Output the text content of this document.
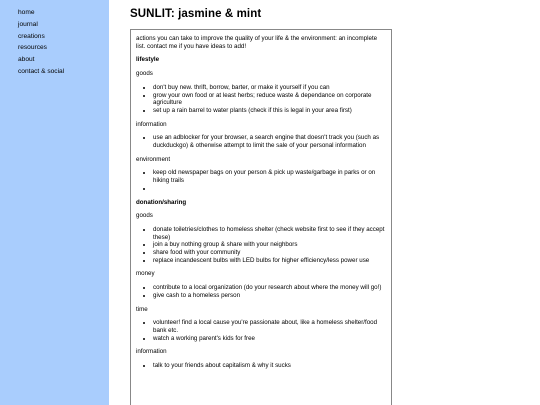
home
journal
creations
resources
about
contact & social
SUNLIT: jasmine & mint

actions you can take to improve the quality of your life & the environment: an incomplete list. contact me if you have ideas to add!

lifestyle
goods
• don't buy new. thrift, borrow, barter, or make it yourself if you can
• grow your own food or at least herbs; reduce waste & dependance on corporate agriculture
• set up a rain barrel to water plants (check if this is legal in your area first)
information
• use an adblocker for your browser, a search engine that doesn't track you (such as duckduckgo) & otherwise attempt to limit the sale of your personal information
environment
• keep old newspaper bags on your person & pick up waste/garbage in parks or on hiking trails
•
donation/sharing
goods
• donate toiletries/clothes to homeless shelter (check website first to see if they accept these)
• join a buy nothing group & share with your neighbors
• share food with your community
• replace incandescent bulbs with LED bulbs for higher efficiency/less power use
money
• contribute to a local organization (do your research about where the money will go!)
• give cash to a homeless person
time
• volunteer! find a local cause you're passionate about, like a homeless shelter/food bank etc.
• watch a working parent's kids for free
information
• talk to your friends about capitalism & why it sucks
